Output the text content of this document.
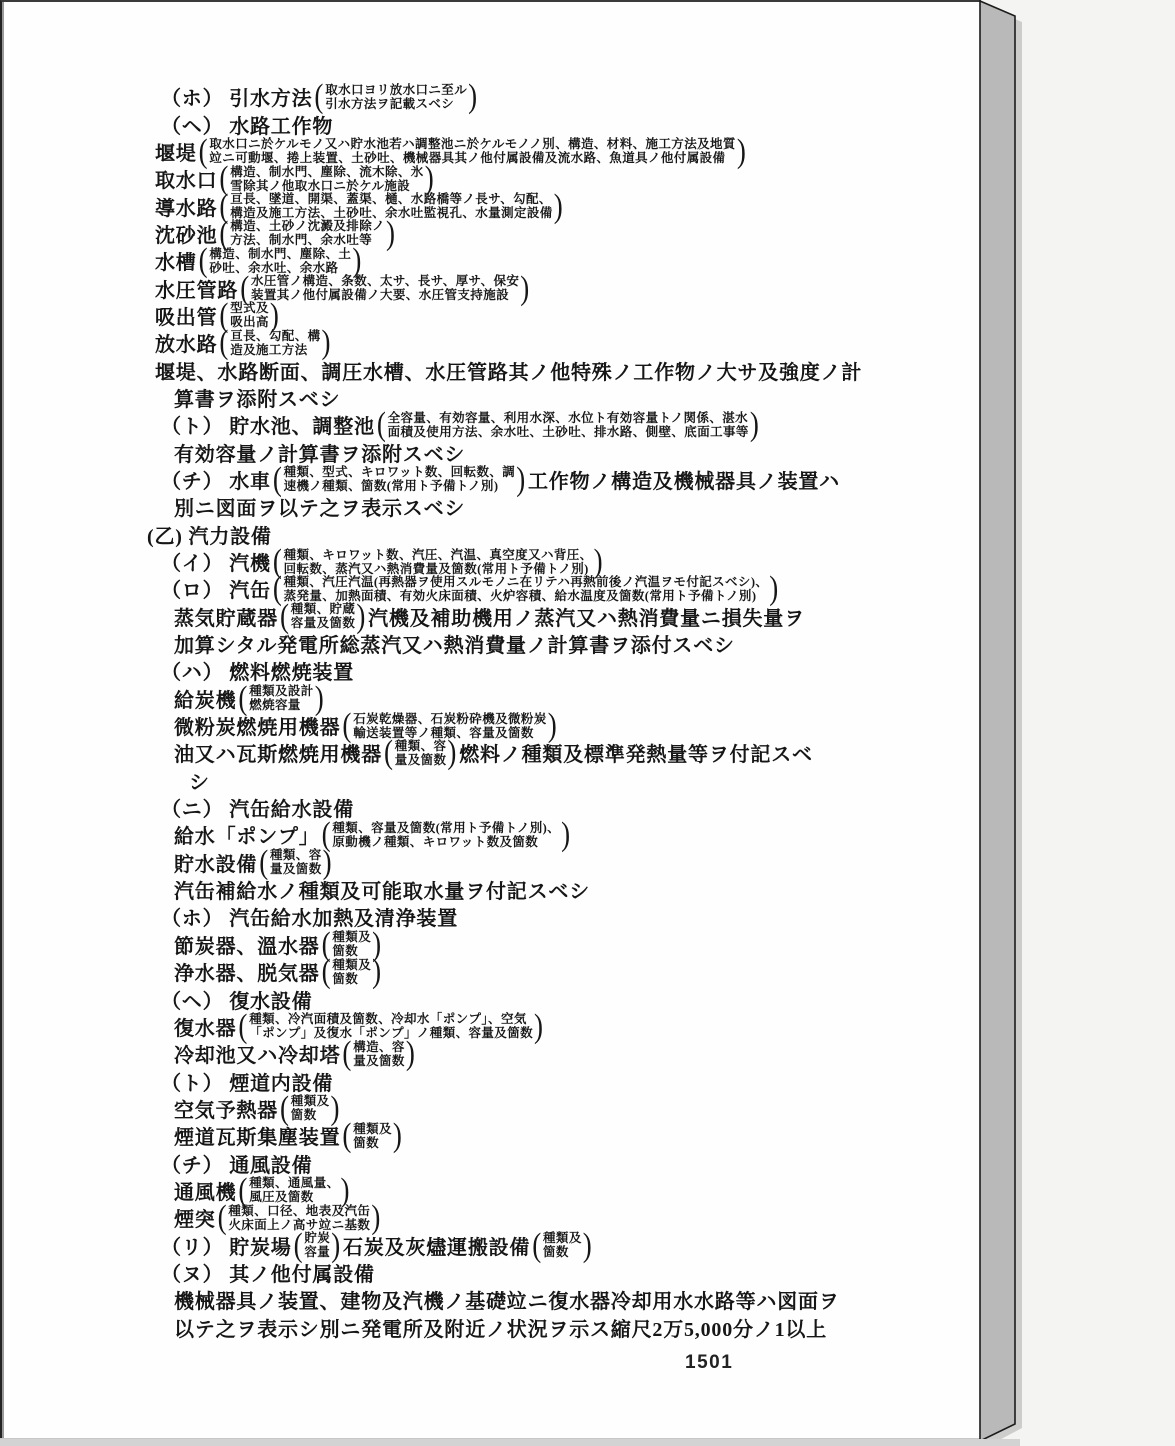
（ホ） 引水方法 ( 取水口ヨリ放水口ニ至ル
引水方法ヲ記載スベシ )
（ヘ） 水路工作物
堰堤 ( 取水口ニ於ケルモノ又ハ貯水池若ハ調整池ニ於ケルモノノ別、構造、材料、施工方法及地質
竝ニ可動堰、捲上装置、土砂吐、機械器具其ノ他付属設備及流水路、魚道具ノ他付属設備 )
取水口 ( 構造、制水門、塵除、流木除、氷
雪除其ノ他取水口ニ於ケル施設 )
導水路 ( 亘長、墜道、開渠、蓋渠、樋、水路橋等ノ長サ、勾配、
構造及施工方法、土砂吐、余水吐監視孔、水量測定設備 )
沈砂池 ( 構造、土砂ノ沈澱及排除ノ
方法、制水門、余水吐等 )
水槽 ( 構造、制水門、塵除、土
砂吐、余水吐、余水路 )
水圧管路 ( 水圧管ノ構造、条数、太サ、長サ、厚サ、保安
装置其ノ他付属設備ノ大要、水圧管支持施設 )
吸出管 ( 型式及
吸出高 )
放水路 ( 亘長、勾配、構
造及施工方法 )
堰堤、水路断面、調圧水槽、水圧管路其ノ他特殊ノ工作物ノ大サ及強度ノ計
算書ヲ添附スベシ
（ト） 貯水池、調整池 ( 全容量、有効容量、利用水深、水位ト有効容量トノ関係、湛水
面積及使用方法、余水吐、土砂吐、排水路、側壁、底面工事等 )
有効容量ノ計算書ヲ添附スベシ
（チ） 水車 ( 種類、型式、キロワット数、回転数、調
速機ノ種類、箇数(常用ト予備トノ別) ) 工作物ノ構造及機械器具ノ装置ハ
別ニ図面ヲ以テ之ヲ表示スベシ
(乙) 汽力設備
（イ） 汽機 ( 種類、キロワット数、汽圧、汽温、真空度又ハ背圧、
回転数、蒸汽又ハ熱消費量及箇数(常用ト予備トノ別) )
（ロ） 汽缶 ( 種類、汽圧汽温(再熱器ヲ使用スルモノニ在リテハ再熱前後ノ汽温ヲモ付記スベシ)、
蒸発量、加熱面積、有効火床面積、火炉容積、給水温度及箇数(常用ト予備トノ別) )
蒸気貯蔵器 ( 種類、貯蔵
容量及箇数 ) 汽機及補助機用ノ蒸汽又ハ熱消費量ニ損失量ヲ
加算シタル発電所総蒸汽又ハ熱消費量ノ計算書ヲ添付スベシ
（ハ） 燃料燃焼装置
給炭機 ( 種類及設計
燃焼容量 )
微粉炭燃焼用機器 ( 石炭乾燥器、石炭粉砕機及微粉炭
輸送装置等ノ種類、容量及箇数 )
油又ハ瓦斯燃焼用機器 ( 種類、容
量及箇数 ) 燃料ノ種類及標準発熱量等ヲ付記スベ
シ
（ニ） 汽缶給水設備
給水「ポンプ」 ( 種類、容量及箇数(常用ト予備トノ別)、
原動機ノ種類、キロワット数及箇数 )
貯水設備 ( 種類、容
量及箇数 )
汽缶補給水ノ種類及可能取水量ヲ付記スベシ
（ホ） 汽缶給水加熱及清浄装置
節炭器、溫水器 ( 種類及
箇数 )
浄水器、脱気器 ( 種類及
箇数 )
（ヘ） 復水設備
復水器 ( 種類、冷汽面積及箇数、冷却水「ポンプ」、空気
「ポンプ」及復水「ポンプ」ノ種類、容量及箇数 )
冷却池又ハ冷却塔 ( 構造、容
量及箇数 )
（ト） 煙道内設備
空気予熱器 ( 種類及
箇数 )
煙道瓦斯集塵装置 ( 種類及
箇数 )
（チ） 通風設備
通風機 ( 種類、通風量、
風圧及箇数 )
煙突 ( 種類、口径、地表及汽缶
火床面上ノ高サ竝ニ基数 )
（リ） 貯炭場 ( 貯炭
容量 ) 石炭及灰燼運搬設備 ( 種類及
箇数 )
（ヌ） 其ノ他付属設備
機械器具ノ装置、建物及汽機ノ基礎竝ニ復水器冷却用水水路等ハ図面ヲ
以テ之ヲ表示シ別ニ発電所及附近ノ状況ヲ示ス縮尺2万5,000分ノ1以上
1501
